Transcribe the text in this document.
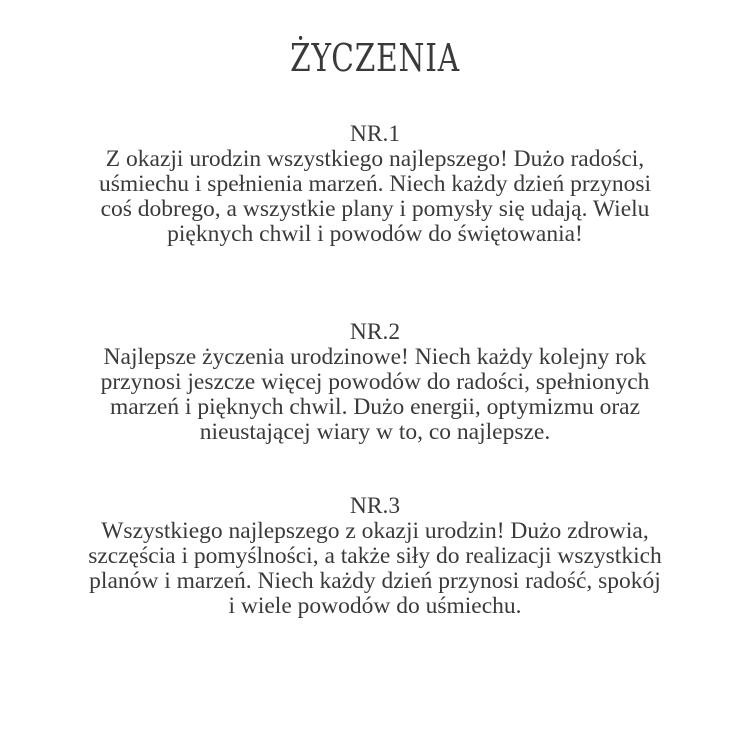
ŻYCZENIA
NR.1
Z okazji urodzin wszystkiego najlepszego! Dużo radości, uśmiechu i spełnienia marzeń. Niech każdy dzień przynosi coś dobrego, a wszystkie plany i pomysły się udają. Wielu pięknych chwil i powodów do świętowania!
NR.2
Najlepsze życzenia urodzinowe! Niech każdy kolejny rok przynosi jeszcze więcej powodów do radości, spełnionych marzeń i pięknych chwil. Dużo energii, optymizmu oraz nieustającej wiary w to, co najlepsze.
NR.3
Wszystkiego najlepszego z okazji urodzin! Dużo zdrowia, szczęścia i pomyślności, a także siły do realizacji wszystkich planów i marzeń. Niech każdy dzień przynosi radość, spokój i wiele powodów do uśmiechu.
